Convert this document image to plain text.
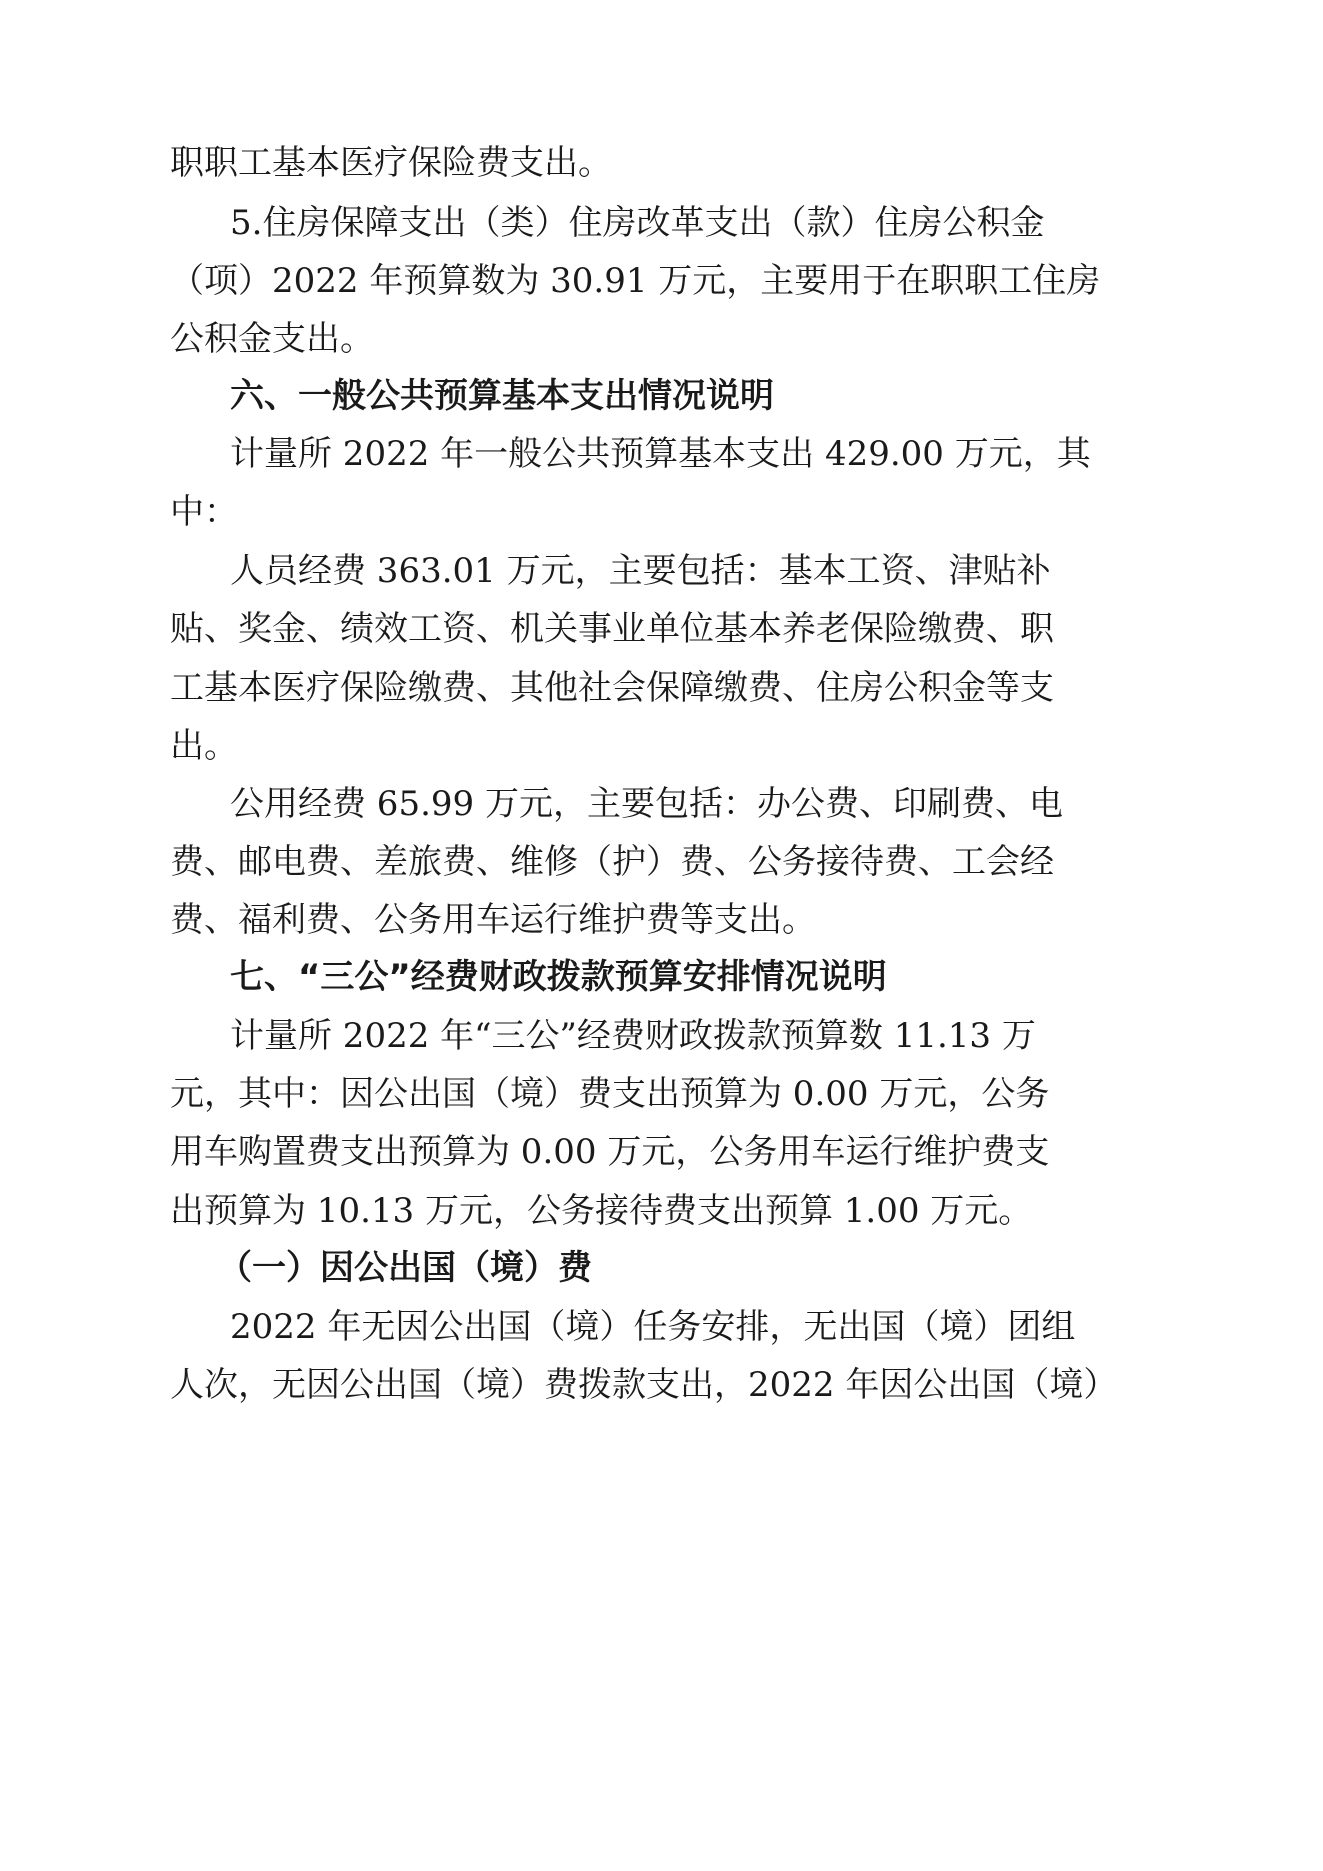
职职工基本医疗保险费支出。
5.住房保障支出（类）住房改革支出（款）住房公积金
（项）2022 年预算数为 30.91 万元，主要用于在职职工住房
公积金支出。
六、一般公共预算基本支出情况说明
计量所 2022 年一般公共预算基本支出 429.00 万元，其
中：
人员经费 363.01 万元，主要包括：基本工资、津贴补
贴、奖金、绩效工资、机关事业单位基本养老保险缴费、职
工基本医疗保险缴费、其他社会保障缴费、住房公积金等支
出。
公用经费 65.99 万元，主要包括：办公费、印刷费、电
费、邮电费、差旅费、维修（护）费、公务接待费、工会经
费、福利费、公务用车运行维护费等支出。
七、“三公”经费财政拨款预算安排情况说明
计量所 2022 年“三公”经费财政拨款预算数 11.13 万
元，其中：因公出国（境）费支出预算为 0.00 万元，公务
用车购置费支出预算为 0.00 万元，公务用车运行维护费支
出预算为 10.13 万元，公务接待费支出预算 1.00 万元。
（一）因公出国（境）费
2022 年无因公出国（境）任务安排，无出国（境）团组
人次，无因公出国（境）费拨款支出，2022 年因公出国（境）
